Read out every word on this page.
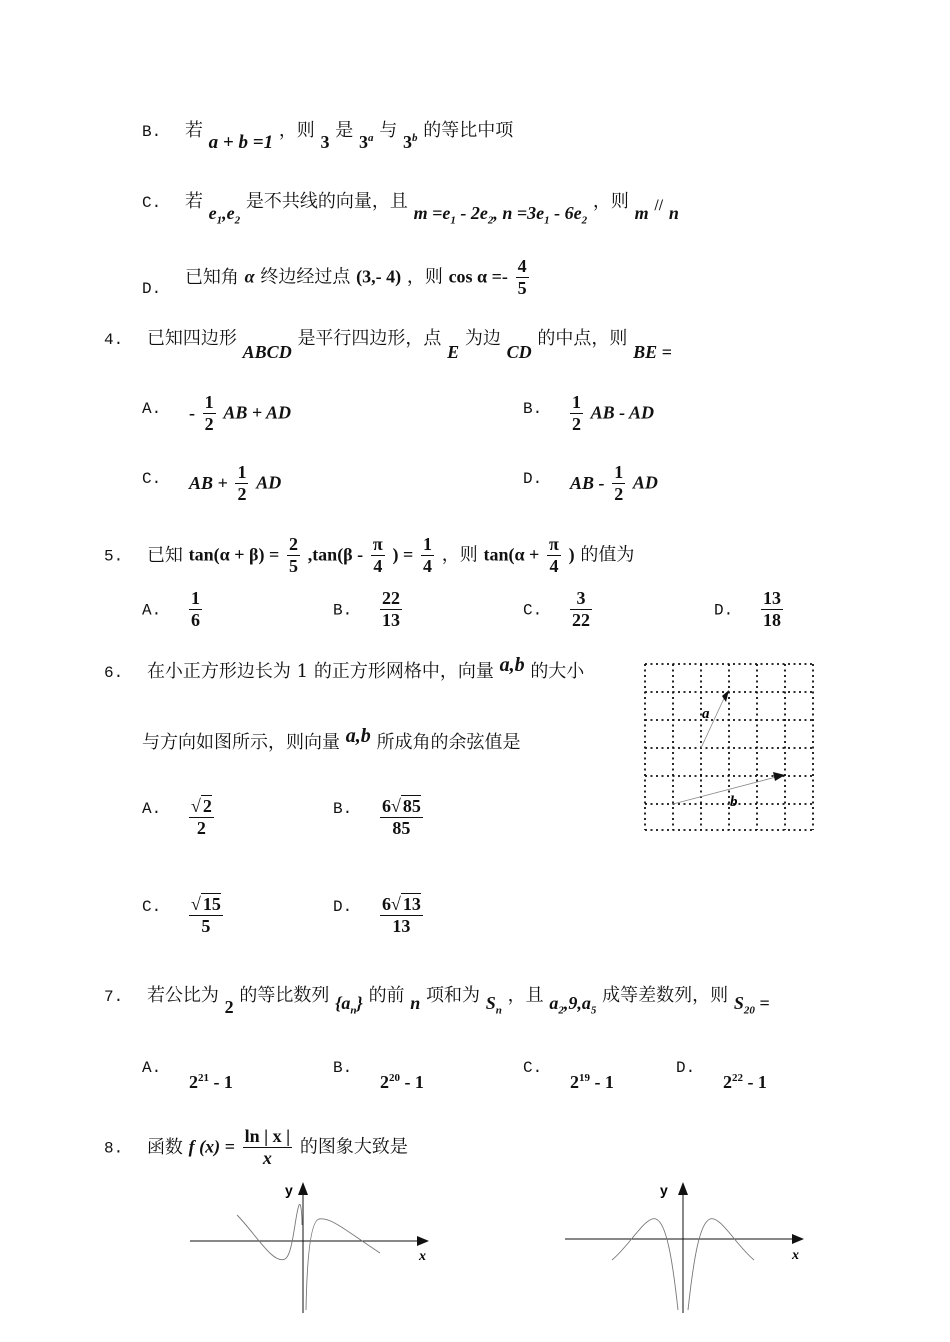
B. 若 a + b =1 ，则 3 是 3$^a$ 与 3$^b$ 的等比中项
C. 若 $e_1,e_2$ 是不共线的向量，且 $m =e_1 - 2e_2$, $n =3e_1 - 6e_2$ ，则 m // n
D. 已知角 α 终边经过点 (3,- 4) ，则 $\cos \alpha =- \frac{4}{5}$
4. 已知四边形 ABCD 是平行四边形，点 E 为边 CD 的中点，则 BE =
A. - $\frac{1}{2}$ AB + AD	B. $\frac{1}{2}$ AB - AD
C. AB + $\frac{1}{2}$ AD	D. AB - $\frac{1}{2}$ AD
5. 已知 $\tan(\alpha + \beta) = \frac{2}{5} ,\tan(\beta - \frac{\pi}{4}$ ) = $\frac{1}{4}$ ，则 $\tan(\alpha + \frac{\pi}{4}$ ) 的值为
A. $\frac{1}{6}$	B. $\frac{22}{13}$	C. $\frac{3}{22}$	D. $\frac{13}{18}$
6. 在小正方形边长为 1 的正方形网格中，向量 a,b 的大小
与方向如图所示，则向量 a,b 所成角的余弦值是
a
b
A. $\frac{√ 2}{2}$	B. $\frac{6√ 85}{85}$
C. $\frac{√ 15}{5}$	D. $\frac{6√ 13}{13}$
7. 若公比为 2 的等比数列 $\{a_n\}$ 的前 n 项和为 $S_n$ ，且 $a_2,9,a_5$ 成等差数列，则 $S_{20}$ =
A. $2^{21} - 1$
B. $2^{20} - 1$
C. $2^{19} - 1$
D. $2^{22} - 1$
8. 函数 f $(x) = \frac{\ln | x |}{x}$ 的图象大致是
y
x
y
x
